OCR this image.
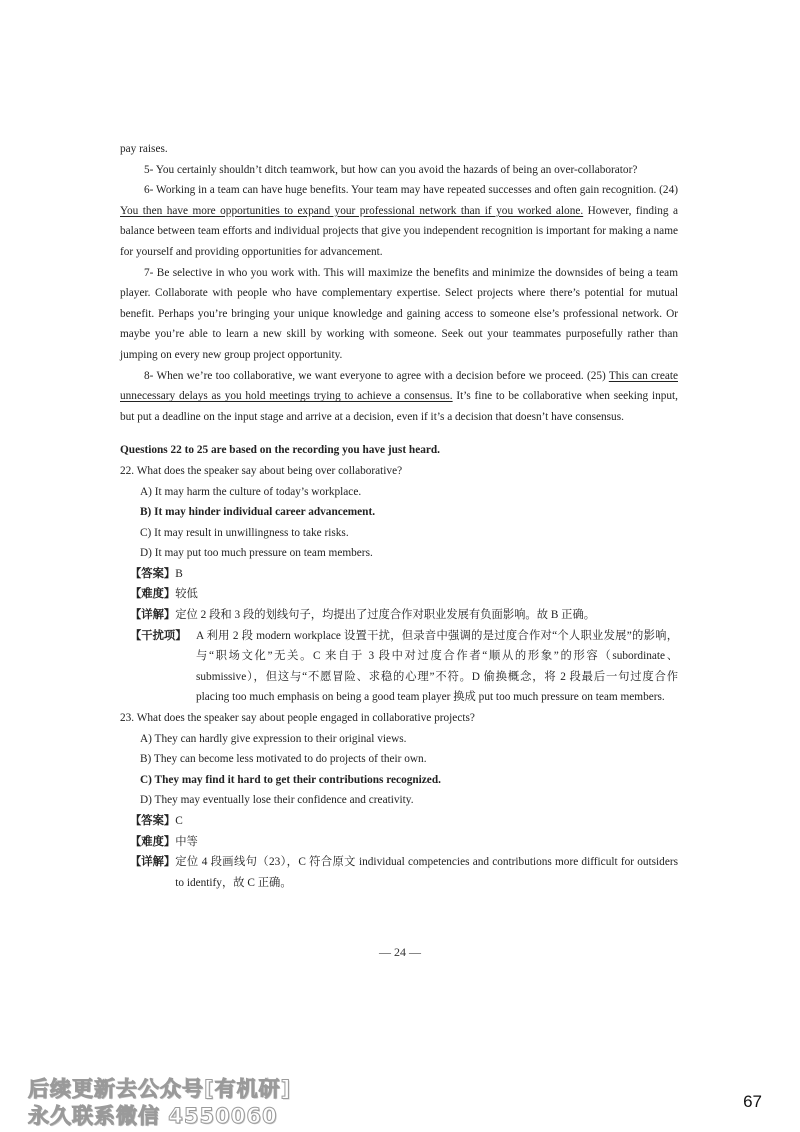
pay raises.

5- You certainly shouldn’t ditch teamwork, but how can you avoid the hazards of being an over-collaborator?

6- Working in a team can have huge benefits. Your team may have repeated successes and often gain recognition. (24) You then have more opportunities to expand your professional network than if you worked alone. However, finding a balance between team efforts and individual projects that give you independent recognition is important for making a name for yourself and providing opportunities for advancement.

7- Be selective in who you work with. This will maximize the benefits and minimize the downsides of being a team player. Collaborate with people who have complementary expertise. Select projects where there’s potential for mutual benefit. Perhaps you’re bringing your unique knowledge and gaining access to someone else’s professional network. Or maybe you’re able to learn a new skill by working with someone. Seek out your teammates purposefully rather than jumping on every new group project opportunity.

8- When we’re too collaborative, we want everyone to agree with a decision before we proceed. (25) This can create unnecessary delays as you hold meetings trying to achieve a consensus. It’s fine to be collaborative when seeking input, but put a deadline on the input stage and arrive at a decision, even if it’s a decision that doesn’t have consensus.

Questions 22 to 25 are based on the recording you have just heard.

22. What does the speaker say about being over collaborative?

A) It may harm the culture of today’s workplace.

B) It may hinder individual career advancement.

C) It may result in unwillingness to take risks.

D) It may put too much pressure on team members.

【答案】 B

【难度】 较低

【详解】 定位 2 段和 3 段的划线句子，均提出了过度合作对职业发展有负面影响。故 B 正确。

【干扰项】 A 利用 2 段 modern workplace 设置干扰，但录音中强调的是过度合作对“个人职业发展”的影响，与“职场文化”无关。C 来自于 3 段中对过度合作者“顺从的形象”的形容（subordinate、submissive），但这与“不愿冒险、求稳的心理”不符。D 偷换概念，将 2 段最后一句过度合作 placing too much emphasis on being a good team player 换成 put too much pressure on team members.

23. What does the speaker say about people engaged in collaborative projects?

A) They can hardly give expression to their original views.

B) They can become less motivated to do projects of their own.

C) They may find it hard to get their contributions recognized.

D) They may eventually lose their confidence and creativity.

【答案】 C

【难度】 中等

【详解】 定位 4 段画线句（23），C 符合原文 individual competencies and contributions more difficult for outsiders to identify，故 C 正确。

— 24 —
后续更新去公众号[有机研]
永久联系微信 4550060
67
